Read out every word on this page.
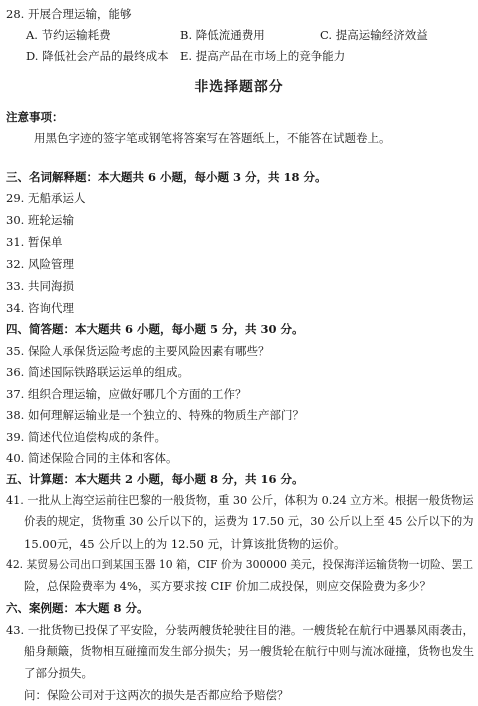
28. 开展合理运输，能够
A. 节约运输耗费	B. 降低流通费用	C. 提高运输经济效益
D. 降低社会产品的最终成本 E. 提高产品在市场上的竞争能力
非选择题部分
注意事项：
用黑色字迹的签字笔或钢笔将答案写在答题纸上，不能答在试题卷上。
三、名词解释题：本大题共 6 小题，每小题 3 分，共 18 分。
29. 无船承运人
30. 班轮运输
31. 暂保单
32. 风险管理
33. 共同海损
34. 咨询代理
四、简答题：本大题共 6 小题，每小题 5 分，共 30 分。
35. 保险人承保货运险考虑的主要风险因素有哪些？
36. 简述国际铁路联运运单的组成。
37. 组织合理运输，应做好哪几个方面的工作？
38. 如何理解运输业是一个独立的、特殊的物质生产部门？
39. 简述代位追偿构成的条件。
40. 简述保险合同的主体和客体。
五、计算题：本大题共 2 小题，每小题 8 分，共 16 分。
41. 一批从上海空运前往巴黎的一般货物，重 30 公斤，体积为 0.24 立方米。根据一般货物运
价表的规定，货物重 30 公斤以下的，运费为 17.50 元，30 公斤以上至 45 公斤以下的为
15.00元，45 公斤以上的为 12.50 元，计算该批货物的运价。
42. 某贸易公司出口到某国玉器 10 箱，CIF 价为 300000 美元，投保海洋运输货物一切险、罢工
险，总保险费率为 4%，买方要求按 CIF 价加二成投保，则应交保险费为多少？
六、案例题：本大题 8 分。
43. 一批货物已投保了平安险，分装两艘货轮驶往目的港。一艘货轮在航行中遇暴风雨袭击，
船身颠簸，货物相互碰撞而发生部分损失；另一艘货轮在航行中则与流冰碰撞，货物也发生
了部分损失。
问：保险公司对于这两次的损失是否都应给予赔偿？
